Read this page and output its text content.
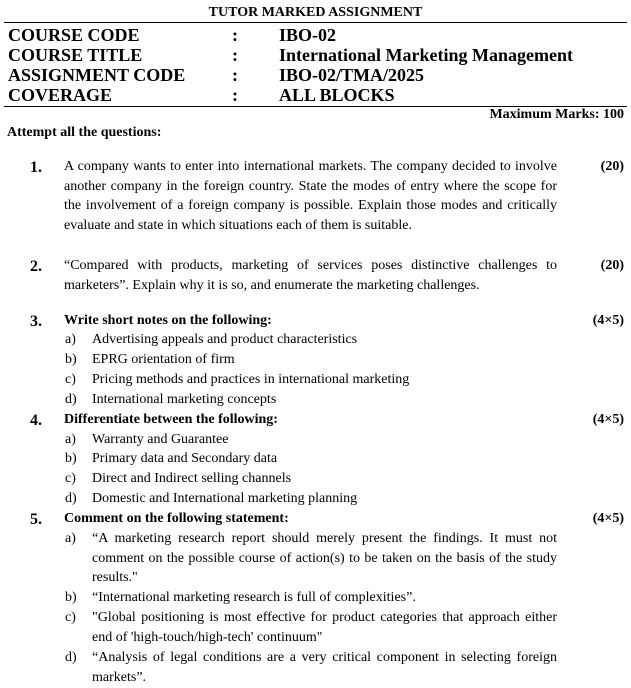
TUTOR MARKED ASSIGNMENT
COURSE CODE	: IBO-02
COURSE TITLE	: International Marketing Management
ASSIGNMENT CODE	: IBO-02/TMA/2025
COVERAGE	: ALL BLOCKS
Maximum Marks: 100
Attempt all the questions:
1. A company wants to enter into international markets. The company decided to involve another company in the foreign country. State the modes of entry where the scope for the involvement of a foreign company is possible. Explain those modes and critically evaluate and state in which situations each of them is suitable.
(20)
2. “Compared with products, marketing of services poses distinctive challenges to marketers”. Explain why it is so, and enumerate the marketing challenges.
(20)
3. Write short notes on the following:	(4×5)
a) Advertising appeals and product characteristics
b) EPRG orientation of firm
c) Pricing methods and practices in international marketing
d) International marketing concepts
4. Differentiate between the following:	(4×5)
a) Warranty and Guarantee
b) Primary data and Secondary data
c) Direct and Indirect selling channels
d) Domestic and International marketing planning
5. Comment on the following statement:	(4×5)
a) “A marketing research report should merely present the findings. It must not comment on the possible course of action(s) to be taken on the basis of the study results."
b) “International marketing research is full of complexities”.
c) "Global positioning is most effective for product categories that approach either end of 'high-touch/high-tech' continuum"
d) “Analysis of legal conditions are a very critical component in selecting foreign markets”.
